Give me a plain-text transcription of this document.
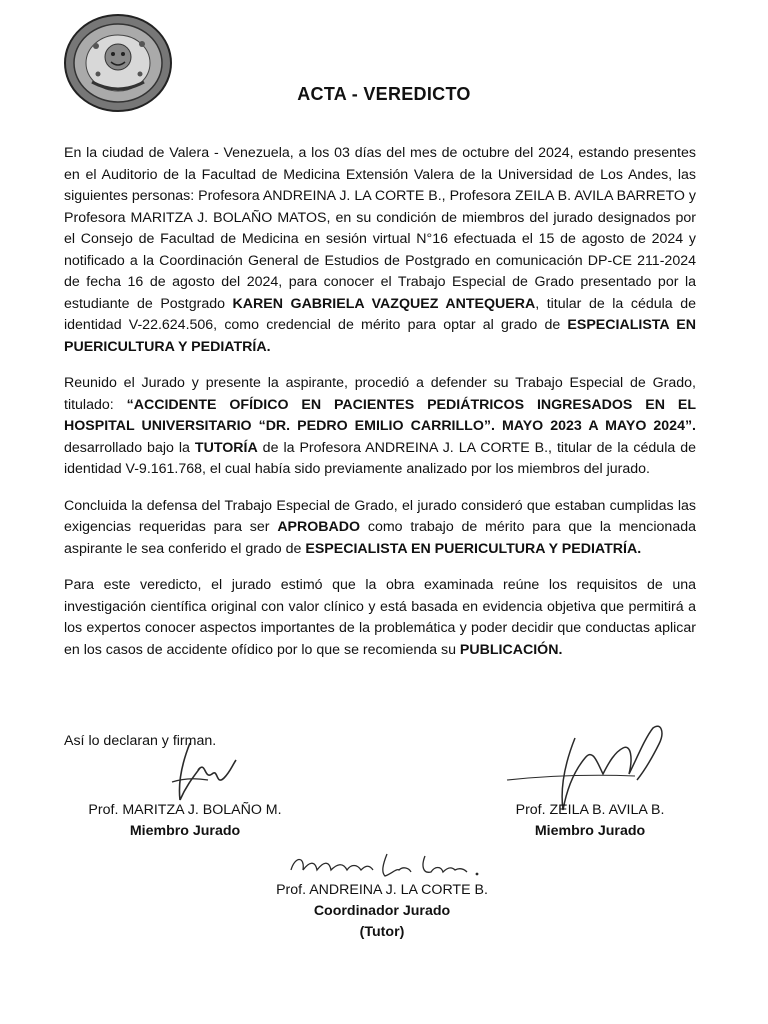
ACTA - VEREDICTO

En la ciudad de Valera - Venezuela, a los 03 días del mes de octubre del 2024, estando presentes en el Auditorio de la Facultad de Medicina Extensión Valera de la Universidad de Los Andes, las siguientes personas: Profesora ANDREINA J. LA CORTE B., Profesora ZEILA B. AVILA BARRETO y Profesora MARITZA J. BOLAÑO MATOS, en su condición de miembros del jurado designados por el Consejo de Facultad de Medicina en sesión virtual N°16 efectuada el 15 de agosto de 2024 y notificado a la Coordinación General de Estudios de Postgrado en comunicación DP-CE 211-2024 de fecha 16 de agosto del 2024, para conocer el Trabajo Especial de Grado presentado por la estudiante de Postgrado KAREN GABRIELA VAZQUEZ ANTEQUERA, titular de la cédula de identidad V-22.624.506, como credencial de mérito para optar al grado de ESPECIALISTA EN PUERICULTURA Y PEDIATRÍA.

Reunido el Jurado y presente la aspirante, procedió a defender su Trabajo Especial de Grado, titulado: “ACCIDENTE OFÍDICO EN PACIENTES PEDIÁTRICOS INGRESADOS EN EL HOSPITAL UNIVERSITARIO “DR. PEDRO EMILIO CARRILLO”. MAYO 2023 A MAYO 2024”. desarrollado bajo la TUTORÍA de la Profesora ANDREINA J. LA CORTE B., titular de la cédula de identidad V-9.161.768, el cual había sido previamente analizado por los miembros del jurado.

Concluida la defensa del Trabajo Especial de Grado, el jurado consideró que estaban cumplidas las exigencias requeridas para ser APROBADO como trabajo de mérito para que la mencionada aspirante le sea conferido el grado de ESPECIALISTA EN PUERICULTURA Y PEDIATRÍA.

Para este veredicto, el jurado estimó que la obra examinada reúne los requisitos de una investigación científica original con valor clínico y está basada en evidencia objetiva que permitirá a los expertos conocer aspectos importantes de la problemática y poder decidir que conductas aplicar en los casos de accidente ofídico por lo que se recomienda su PUBLICACIÓN.

Así lo declaran y firman.
Prof. MARITZA J. BOLAÑO M.
Miembro Jurado
Prof. ZEILA B. AVILA B.
Miembro Jurado
Prof. ANDREINA J. LA CORTE B.
Coordinador Jurado
(Tutor)
